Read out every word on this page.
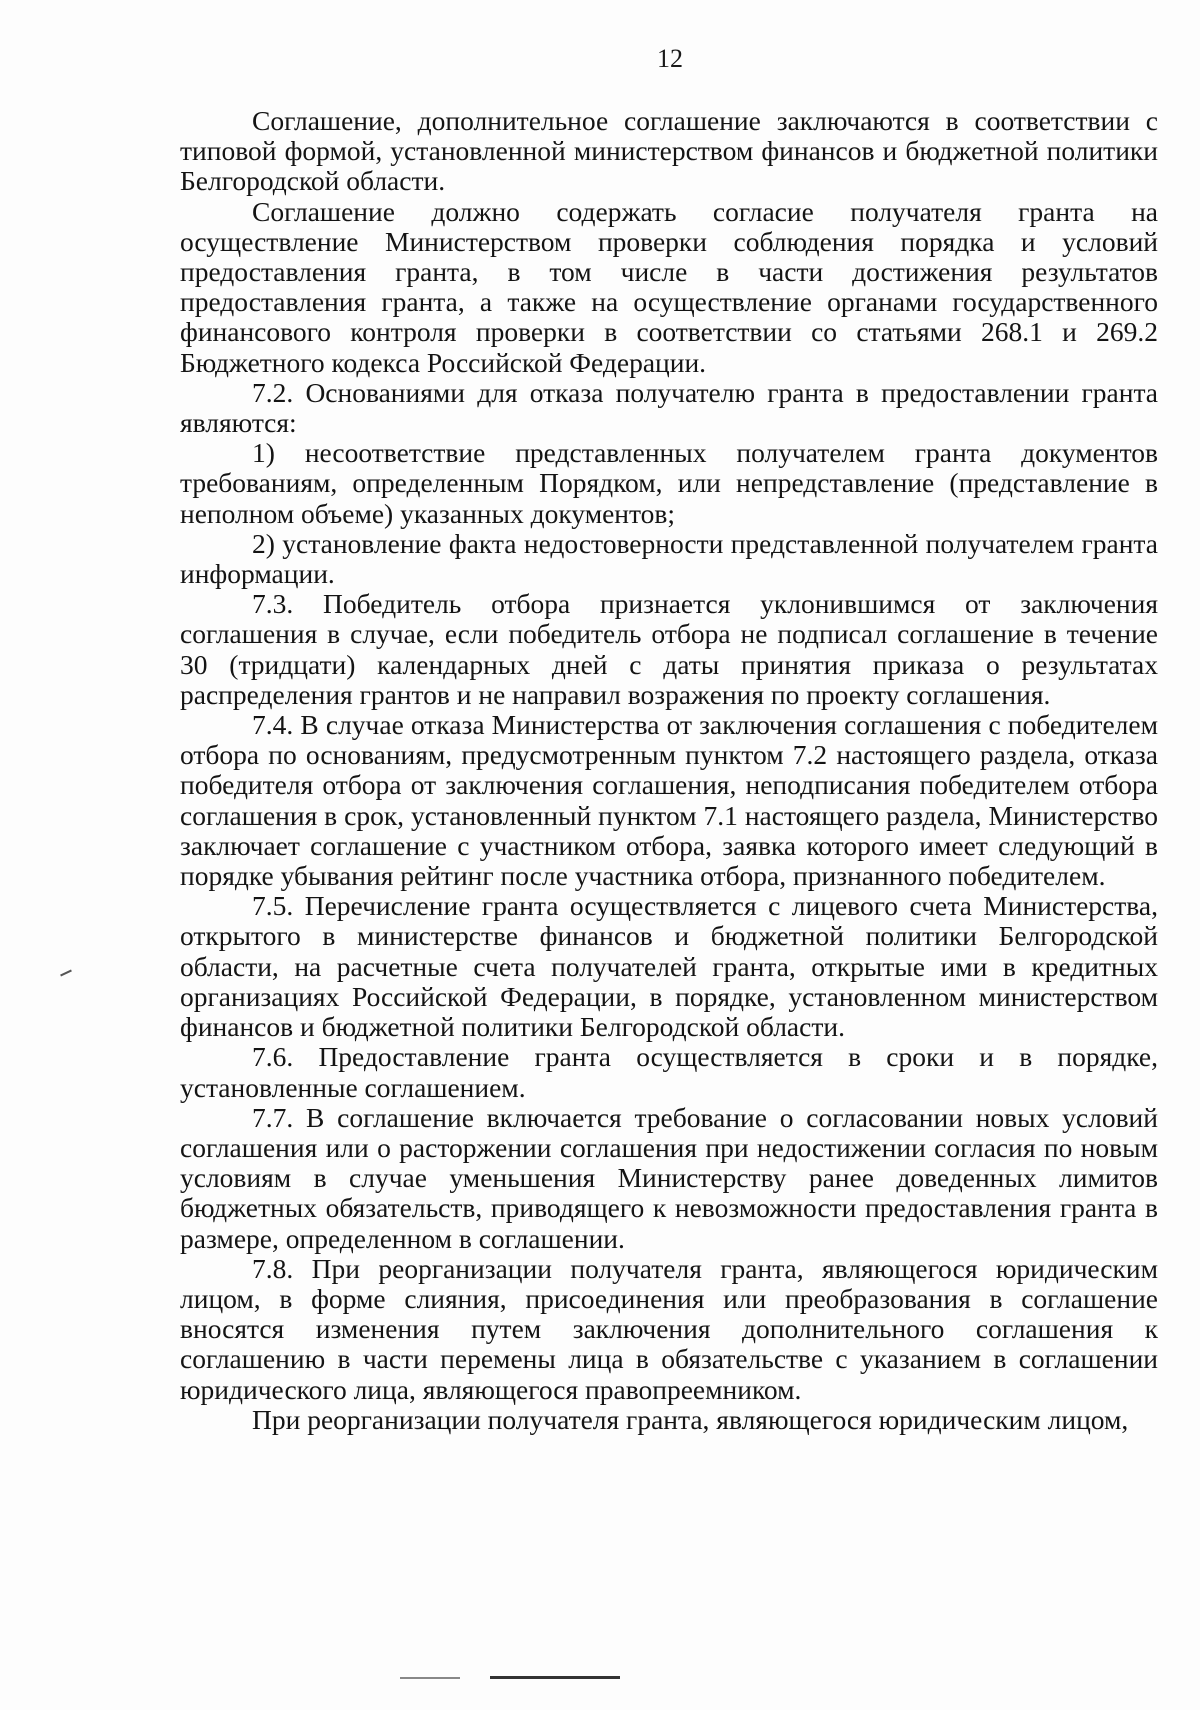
12

Соглашение, дополнительное соглашение заключаются в соответствии с типовой формой, установленной министерством финансов и бюджетной политики Белгородской области.

Соглашение должно содержать согласие получателя гранта на осуществление Министерством проверки соблюдения порядка и условий предоставления гранта, в том числе в части достижения результатов предоставления гранта, а также на осуществление органами государственного финансового контроля проверки в соответствии со статьями 268.1 и 269.2 Бюджетного кодекса Российской Федерации.

7.2. Основаниями для отказа получателю гранта в предоставлении гранта являются:

1) несоответствие представленных получателем гранта документов требованиям, определенным Порядком, или непредставление (представление в неполном объеме) указанных документов;

2) установление факта недостоверности представленной получателем гранта информации.

7.3. Победитель отбора признается уклонившимся от заключения соглашения в случае, если победитель отбора не подписал соглашение в течение 30 (тридцати) календарных дней с даты принятия приказа о результатах распределения грантов и не направил возражения по проекту соглашения.

7.4. В случае отказа Министерства от заключения соглашения с победителем отбора по основаниям, предусмотренным пунктом 7.2 настоящего раздела, отказа победителя отбора от заключения соглашения, неподписания победителем отбора соглашения в срок, установленный пунктом 7.1 настоящего раздела, Министерство заключает соглашение с участником отбора, заявка которого имеет следующий в порядке убывания рейтинг после участника отбора, признанного победителем.

7.5. Перечисление гранта осуществляется с лицевого счета Министерства, открытого в министерстве финансов и бюджетной политики Белгородской области, на расчетные счета получателей гранта, открытые ими в кредитных организациях Российской Федерации, в порядке, установленном министерством финансов и бюджетной политики Белгородской области.

7.6. Предоставление гранта осуществляется в сроки и в порядке, установленные соглашением.

7.7. В соглашение включается требование о согласовании новых условий соглашения или о расторжении соглашения при недостижении согласия по новым условиям в случае уменьшения Министерству ранее доведенных лимитов бюджетных обязательств, приводящего к невозможности предоставления гранта в размере, определенном в соглашении.

7.8. При реорганизации получателя гранта, являющегося юридическим лицом, в форме слияния, присоединения или преобразования в соглашение вносятся изменения путем заключения дополнительного соглашения к соглашению в части перемены лица в обязательстве с указанием в соглашении юридического лица, являющегося правопреемником.

При реорганизации получателя гранта, являющегося юридическим лицом,
